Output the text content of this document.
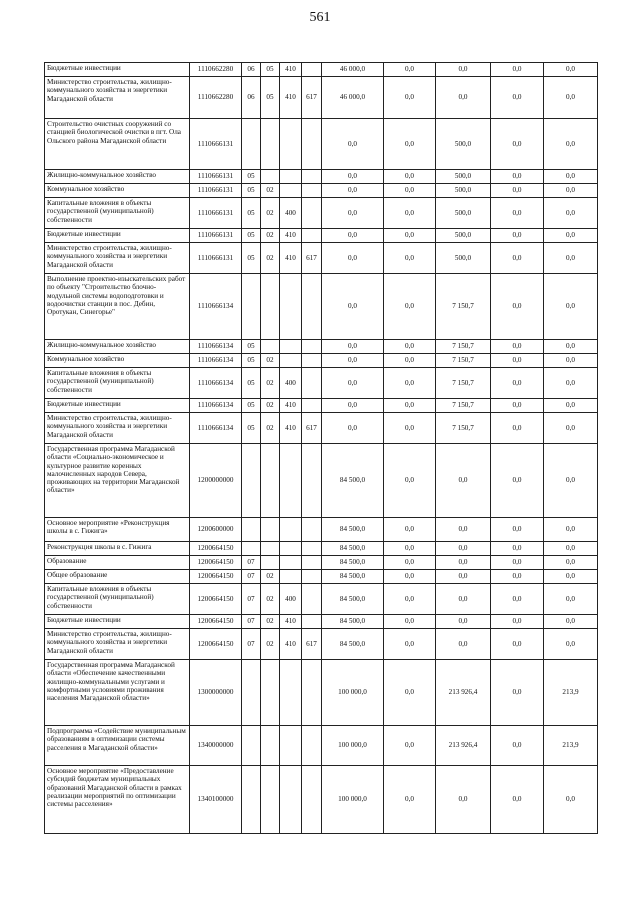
561
Бюджетные инвестиции	1110662280	06	05	410		46 000,0	0,0	0,0	0,0	0,0
Министерство строительства, жилищно-коммунального хозяйства и энергетики Магаданской области	1110662280	06	05	410	617	46 000,0	0,0	0,0	0,0	0,0
Строительство очистных сооружений со станцией биологической очистки в пгт. Ола Ольского района Магаданской области	1110666131					0,0	0,0	500,0	0,0	0,0
Жилищно-коммунальное хозяйство	1110666131	05				0,0	0,0	500,0	0,0	0,0
Коммунальное хозяйство	1110666131	05	02			0,0	0,0	500,0	0,0	0,0
Капитальные вложения в объекты государственной (муниципальной) собственности	1110666131	05	02	400		0,0	0,0	500,0	0,0	0,0
Бюджетные инвестиции	1110666131	05	02	410		0,0	0,0	500,0	0,0	0,0
Министерство строительства, жилищно-коммунального хозяйства и энергетики Магаданской области	1110666131	05	02	410	617	0,0	0,0	500,0	0,0	0,0
Выполнение проектно-изыскательских работ по объекту "Строительство блочно-модульной системы водоподготовки и водоочистки станции в пос. Дебин, Оротукан, Синегорье"	1110666134					0,0	0,0	7 150,7	0,0	0,0
Жилищно-коммунальное хозяйство	1110666134	05				0,0	0,0	7 150,7	0,0	0,0
Коммунальное хозяйство	1110666134	05	02			0,0	0,0	7 150,7	0,0	0,0
Капитальные вложения в объекты государственной (муниципальной) собственности	1110666134	05	02	400		0,0	0,0	7 150,7	0,0	0,0
Бюджетные инвестиции	1110666134	05	02	410		0,0	0,0	7 150,7	0,0	0,0
Министерство строительства, жилищно-коммунального хозяйства и энергетики Магаданской области	1110666134	05	02	410	617	0,0	0,0	7 150,7	0,0	0,0
Государственная программа Магаданской области «Социально-экономическое и культурное развитие коренных малочисленных народов Севера, проживающих на территории Магаданской области»	1200000000					84 500,0	0,0	0,0	0,0	0,0
Основное мероприятие «Реконструкция школы в с. Гижига»	1200600000					84 500,0	0,0	0,0	0,0	0,0
Реконструкция школы в с. Гижига	1200664150					84 500,0	0,0	0,0	0,0	0,0
Образование	1200664150	07				84 500,0	0,0	0,0	0,0	0,0
Общее образование	1200664150	07	02			84 500,0	0,0	0,0	0,0	0,0
Капитальные вложения в объекты государственной (муниципальной) собственности	1200664150	07	02	400		84 500,0	0,0	0,0	0,0	0,0
Бюджетные инвестиции	1200664150	07	02	410		84 500,0	0,0	0,0	0,0	0,0
Министерство строительства, жилищно-коммунального хозяйства и энергетики Магаданской области	1200664150	07	02	410	617	84 500,0	0,0	0,0	0,0	0,0
Государственная программа Магаданской области «Обеспечение качественными жилищно-коммунальными услугами и комфортными условиями проживания населения Магаданской области»	1300000000					100 000,0	0,0	213 926,4	0,0	213,9
Подпрограмма «Содействие муниципальным образованиям в оптимизации системы расселения в Магаданской области»	1340000000					100 000,0	0,0	213 926,4	0,0	213,9
Основное мероприятие «Предоставление субсидий бюджетам муниципальных образований Магаданской области в рамках реализации мероприятий по оптимизации системы расселения»	1340100000					100 000,0	0,0	0,0	0,0	0,0
